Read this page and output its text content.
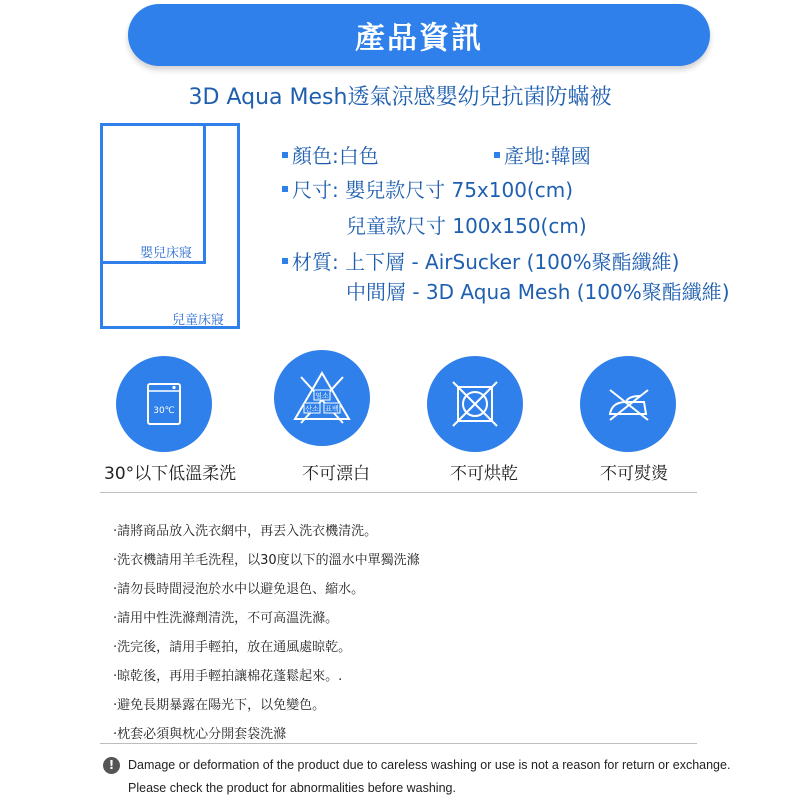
產品資訊
3D Aqua Mesh透氣涼感嬰幼兒抗菌防蟎被
嬰兒床寢
兒童床寢
顏色:白色	產地:韓國
尺寸: 嬰兒款尺寸 75x100(cm)
兒童款尺寸 100x150(cm)
材質: 上下層 - AirSucker (100%聚酯纖維)
中間層 - 3D Aqua Mesh (100%聚酯纖維)
30℃
염소
산소 표백
30°以下低溫柔洗	不可漂白	不可烘乾	不可熨燙
·請將商品放入洗衣網中，再丟入洗衣機清洗。
·洗衣機請用羊毛洗程，以30度以下的溫水中單獨洗滌
·請勿長時間浸泡於水中以避免退色、縮水。
·請用中性洗滌劑清洗，不可高溫洗滌。
·洗完後，請用手輕拍，放在通風處晾乾。
·晾乾後，再用手輕拍讓棉花蓬鬆起來。.
·避免長期暴露在陽光下，以免變色。
·枕套必須與枕心分開套袋洗滌
!	Damage or deformation of the product due to careless washing or use is not a reason for return or exchange.
Please check the product for abnormalities before washing.
